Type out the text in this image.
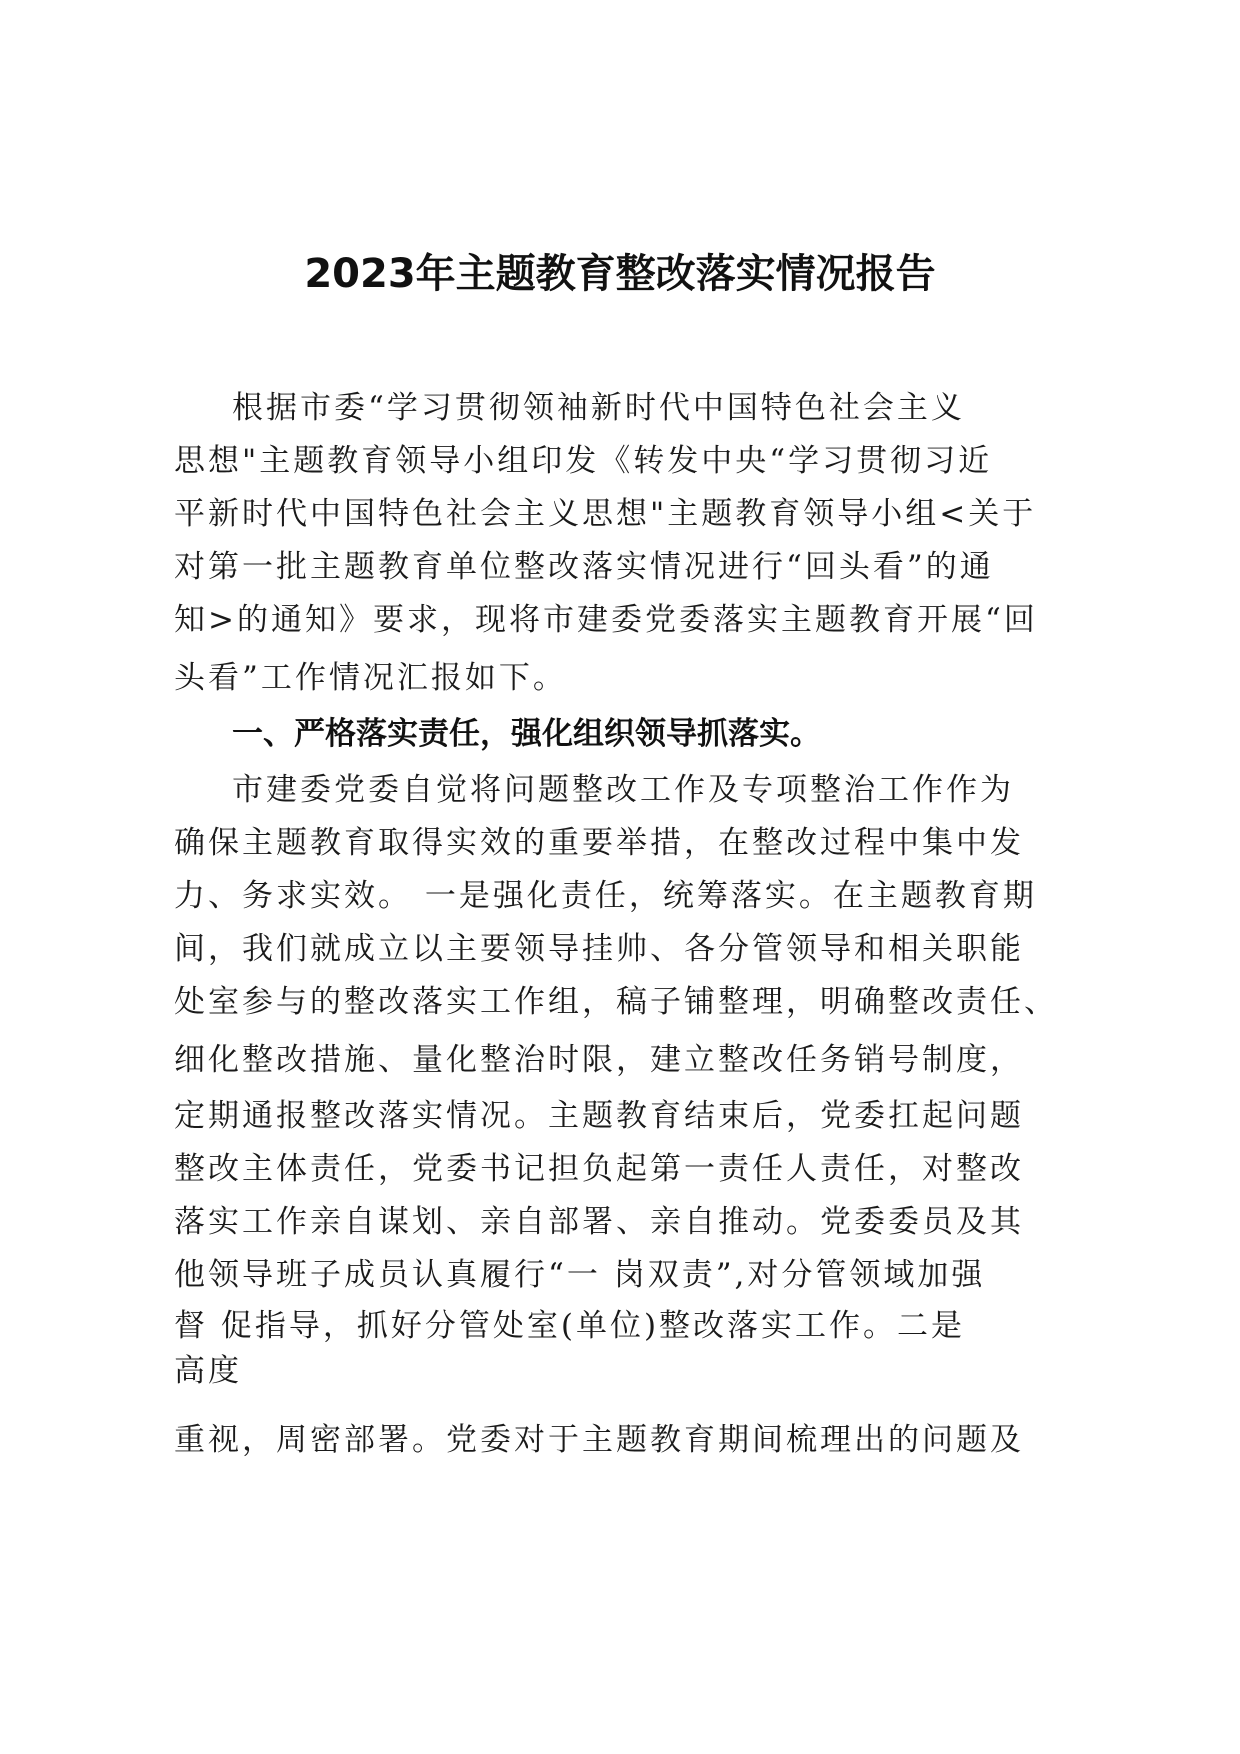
2023年主题教育整改落实情况报告
根据市委“学习贯彻领袖新时代中国特色社会主义
思想"主题教育领导小组印发《转发中央“学习贯彻习近
平新时代中国特色社会主义思想"主题教育领导小组<关于
对第一批主题教育单位整改落实情况进行“回头看”的通
知>的通知》要求，现将市建委党委落实主题教育开展“回
头看”工作情况汇报如下。
一、严格落实责任，强化组织领导抓落实。
市建委党委自觉将问题整改工作及专项整治工作作为
确保主题教育取得实效的重要举措，在整改过程中集中发
力、务求实效。 一是强化责任，统筹落实。在主题教育期
间，我们就成立以主要领导挂帅、各分管领导和相关职能
处室参与的整改落实工作组，稿子铺整理，明确整改责任、
细化整改措施、量化整治时限，建立整改任务销号制度，
定期通报整改落实情况。主题教育结束后，党委扛起问题
整改主体责任，党委书记担负起第一责任人责任，对整改
落实工作亲自谋划、亲自部署、亲自推动。党委委员及其
他领导班子成员认真履行“一 岗双责”,对分管领域加强
督 促指导，抓好分管处室(单位)整改落实工作。二是
高度
重视，周密部署。党委对于主题教育期间梳理出的问题及
